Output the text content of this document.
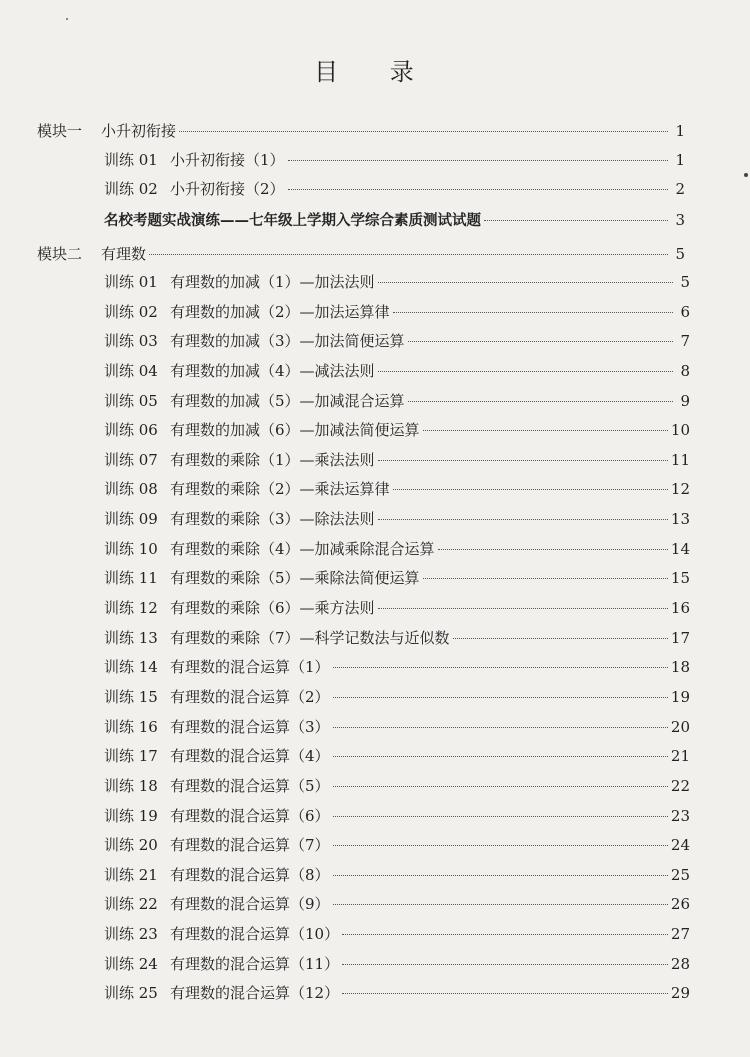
目 录
模块一	小升初衔接	1
训练 01 小升初衔接（1）	1
训练 02 小升初衔接（2）	2
名校考题实战演练——七年级上学期入学综合素质测试试题	3
模块二	有理数	5
训练 01 有理数的加减（1）—加法法则	5
训练 02 有理数的加减（2）—加法运算律	6
训练 03 有理数的加减（3）—加法简便运算	7
训练 04 有理数的加减（4）—减法法则	8
训练 05 有理数的加减（5）—加减混合运算	9
训练 06 有理数的加减（6）—加减法简便运算	10
训练 07 有理数的乘除（1）—乘法法则	11
训练 08 有理数的乘除（2）—乘法运算律	12
训练 09 有理数的乘除（3）—除法法则	13
训练 10 有理数的乘除（4）—加减乘除混合运算	14
训练 11 有理数的乘除（5）—乘除法简便运算	15
训练 12 有理数的乘除（6）—乘方法则	16
训练 13 有理数的乘除（7）—科学记数法与近似数	17
训练 14 有理数的混合运算（1）	18
训练 15 有理数的混合运算（2）	19
训练 16 有理数的混合运算（3）	20
训练 17 有理数的混合运算（4）	21
训练 18 有理数的混合运算（5）	22
训练 19 有理数的混合运算（6）	23
训练 20 有理数的混合运算（7）	24
训练 21 有理数的混合运算（8）	25
训练 22 有理数的混合运算（9）	26
训练 23 有理数的混合运算（10）	27
训练 24 有理数的混合运算（11）	28
训练 25 有理数的混合运算（12）	29
